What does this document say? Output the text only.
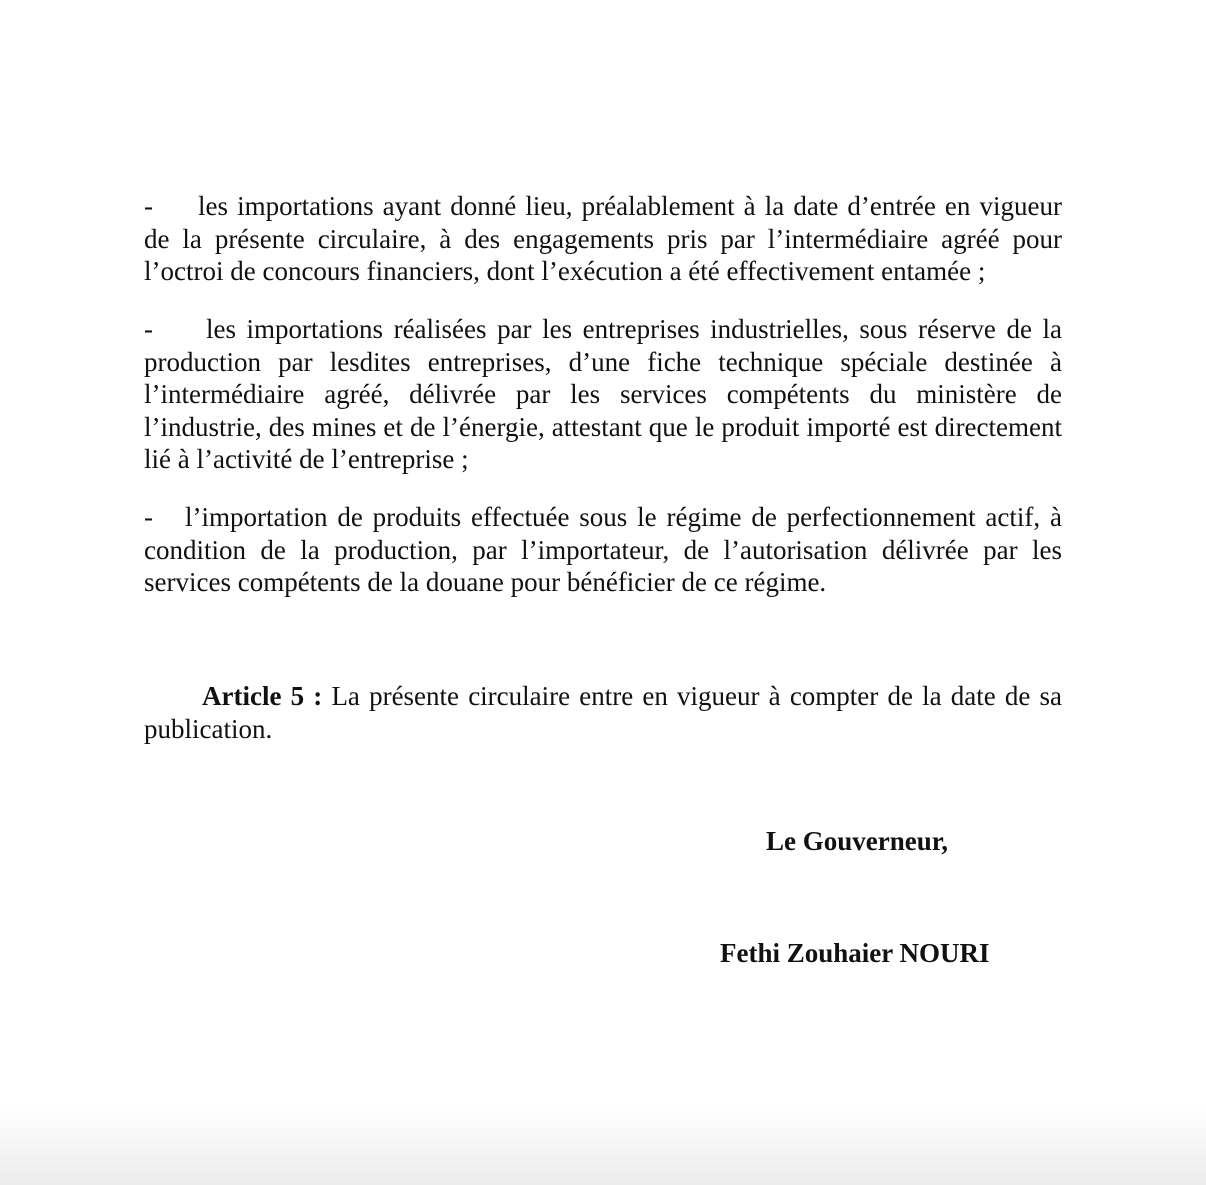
- les importations ayant donné lieu, préalablement à la date d’entrée en vigueur de la présente circulaire, à des engagements pris par l’intermédiaire agréé pour l’octroi de concours financiers, dont l’exécution a été effectivement entamée ;

- les importations réalisées par les entreprises industrielles, sous réserve de la production par lesdites entreprises, d’une fiche technique spéciale destinée à l’intermédiaire agréé, délivrée par les services compétents du ministère de l’industrie, des mines et de l’énergie, attestant que le produit importé est directement lié à l’activité de l’entreprise ;

- l’importation de produits effectuée sous le régime de perfectionnement actif, à condition de la production, par l’importateur, de l’autorisation délivrée par les services compétents de la douane pour bénéficier de ce régime.

Article 5 : La présente circulaire entre en vigueur à compter de la date de sa publication.

Le Gouverneur,

Fethi Zouhaier NOURI
